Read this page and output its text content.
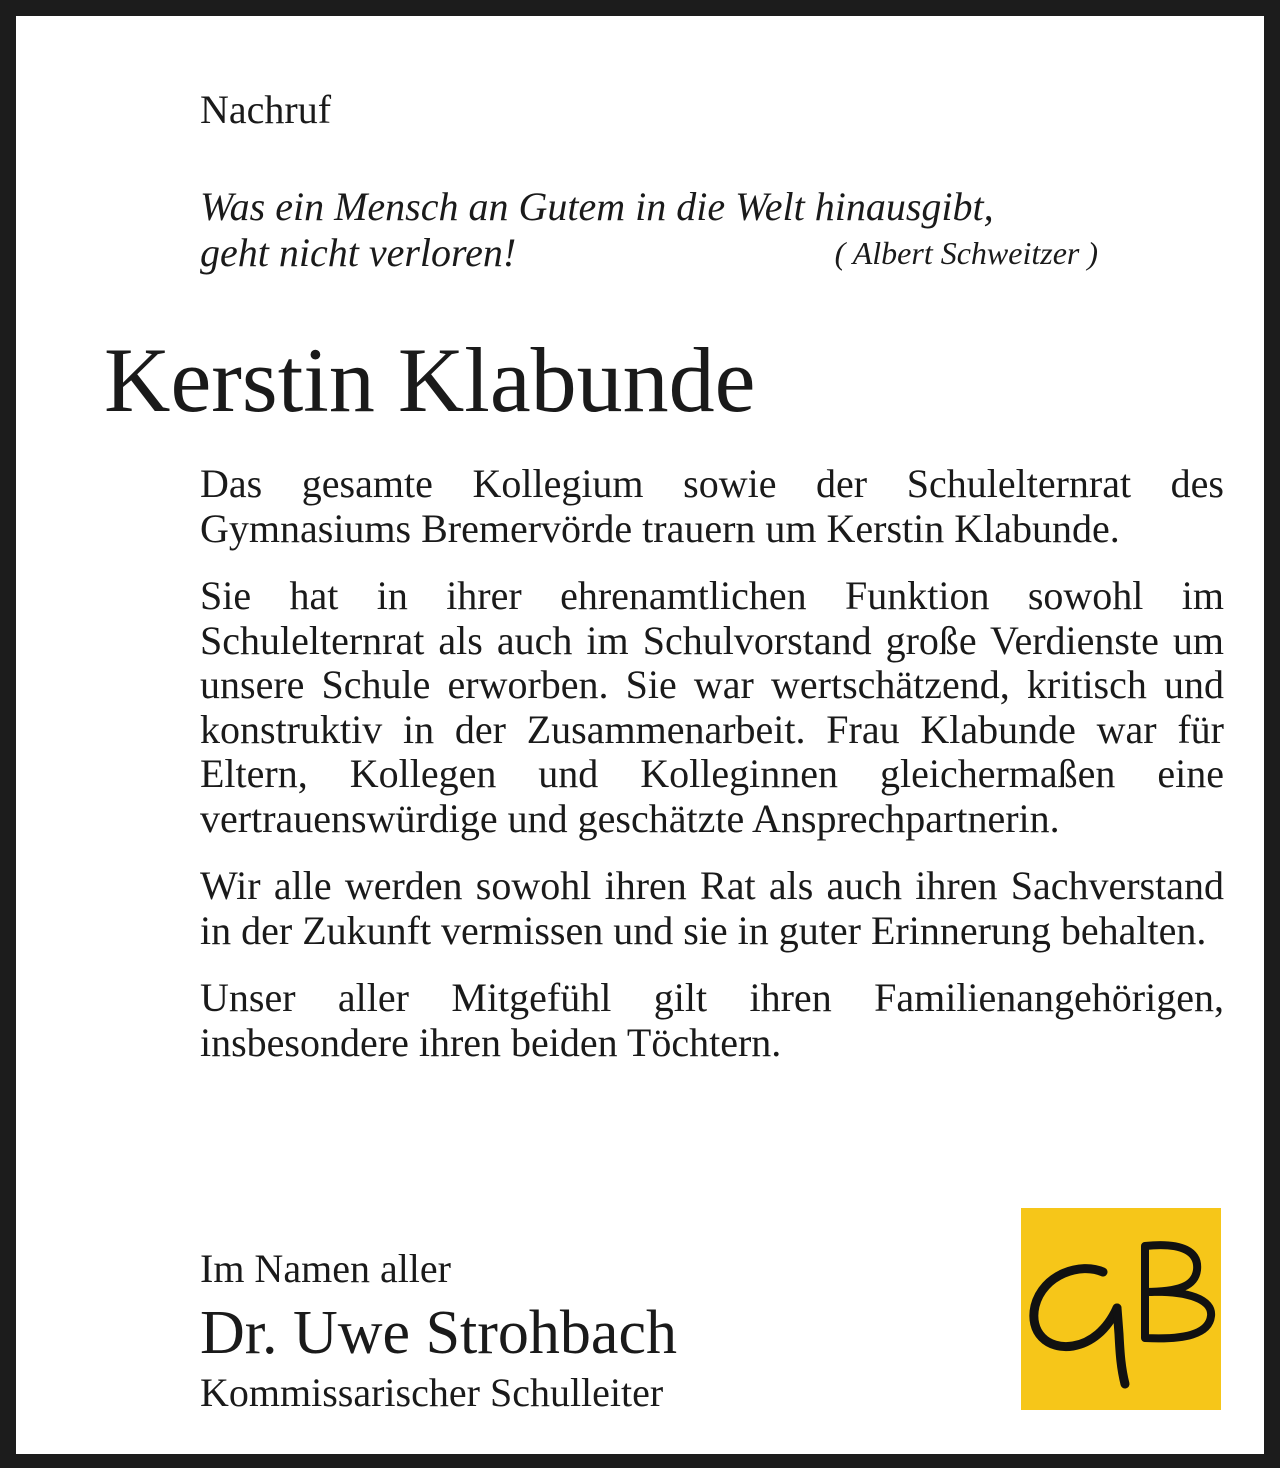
Nachruf
Was ein Mensch an Gutem in die Welt hinausgibt,
geht nicht verloren!	( Albert Schweitzer )
Kerstin Klabunde

Das gesamte Kollegium sowie der Schulelternrat des Gymnasiums Bremervörde trauern um Kerstin Klabunde.

Sie hat in ihrer ehrenamtlichen Funktion sowohl im Schulelternrat als auch im Schulvorstand große Verdienste um unsere Schule erworben. Sie war wertschätzend, kritisch und konstruktiv in der Zusammenarbeit. Frau Klabunde war für Eltern, Kollegen und Kolleginnen gleichermaßen eine vertrauenswürdige und geschätzte Ansprechpartnerin.

Wir alle werden sowohl ihren Rat als auch ihren Sachverstand in der Zukunft vermissen und sie in guter Erinnerung behalten.

Unser aller Mitgefühl gilt ihren Familienangehörigen, insbesondere ihren beiden Töchtern.

Im Namen aller
Dr. Uwe Strohbach
Kommissarischer Schulleiter
